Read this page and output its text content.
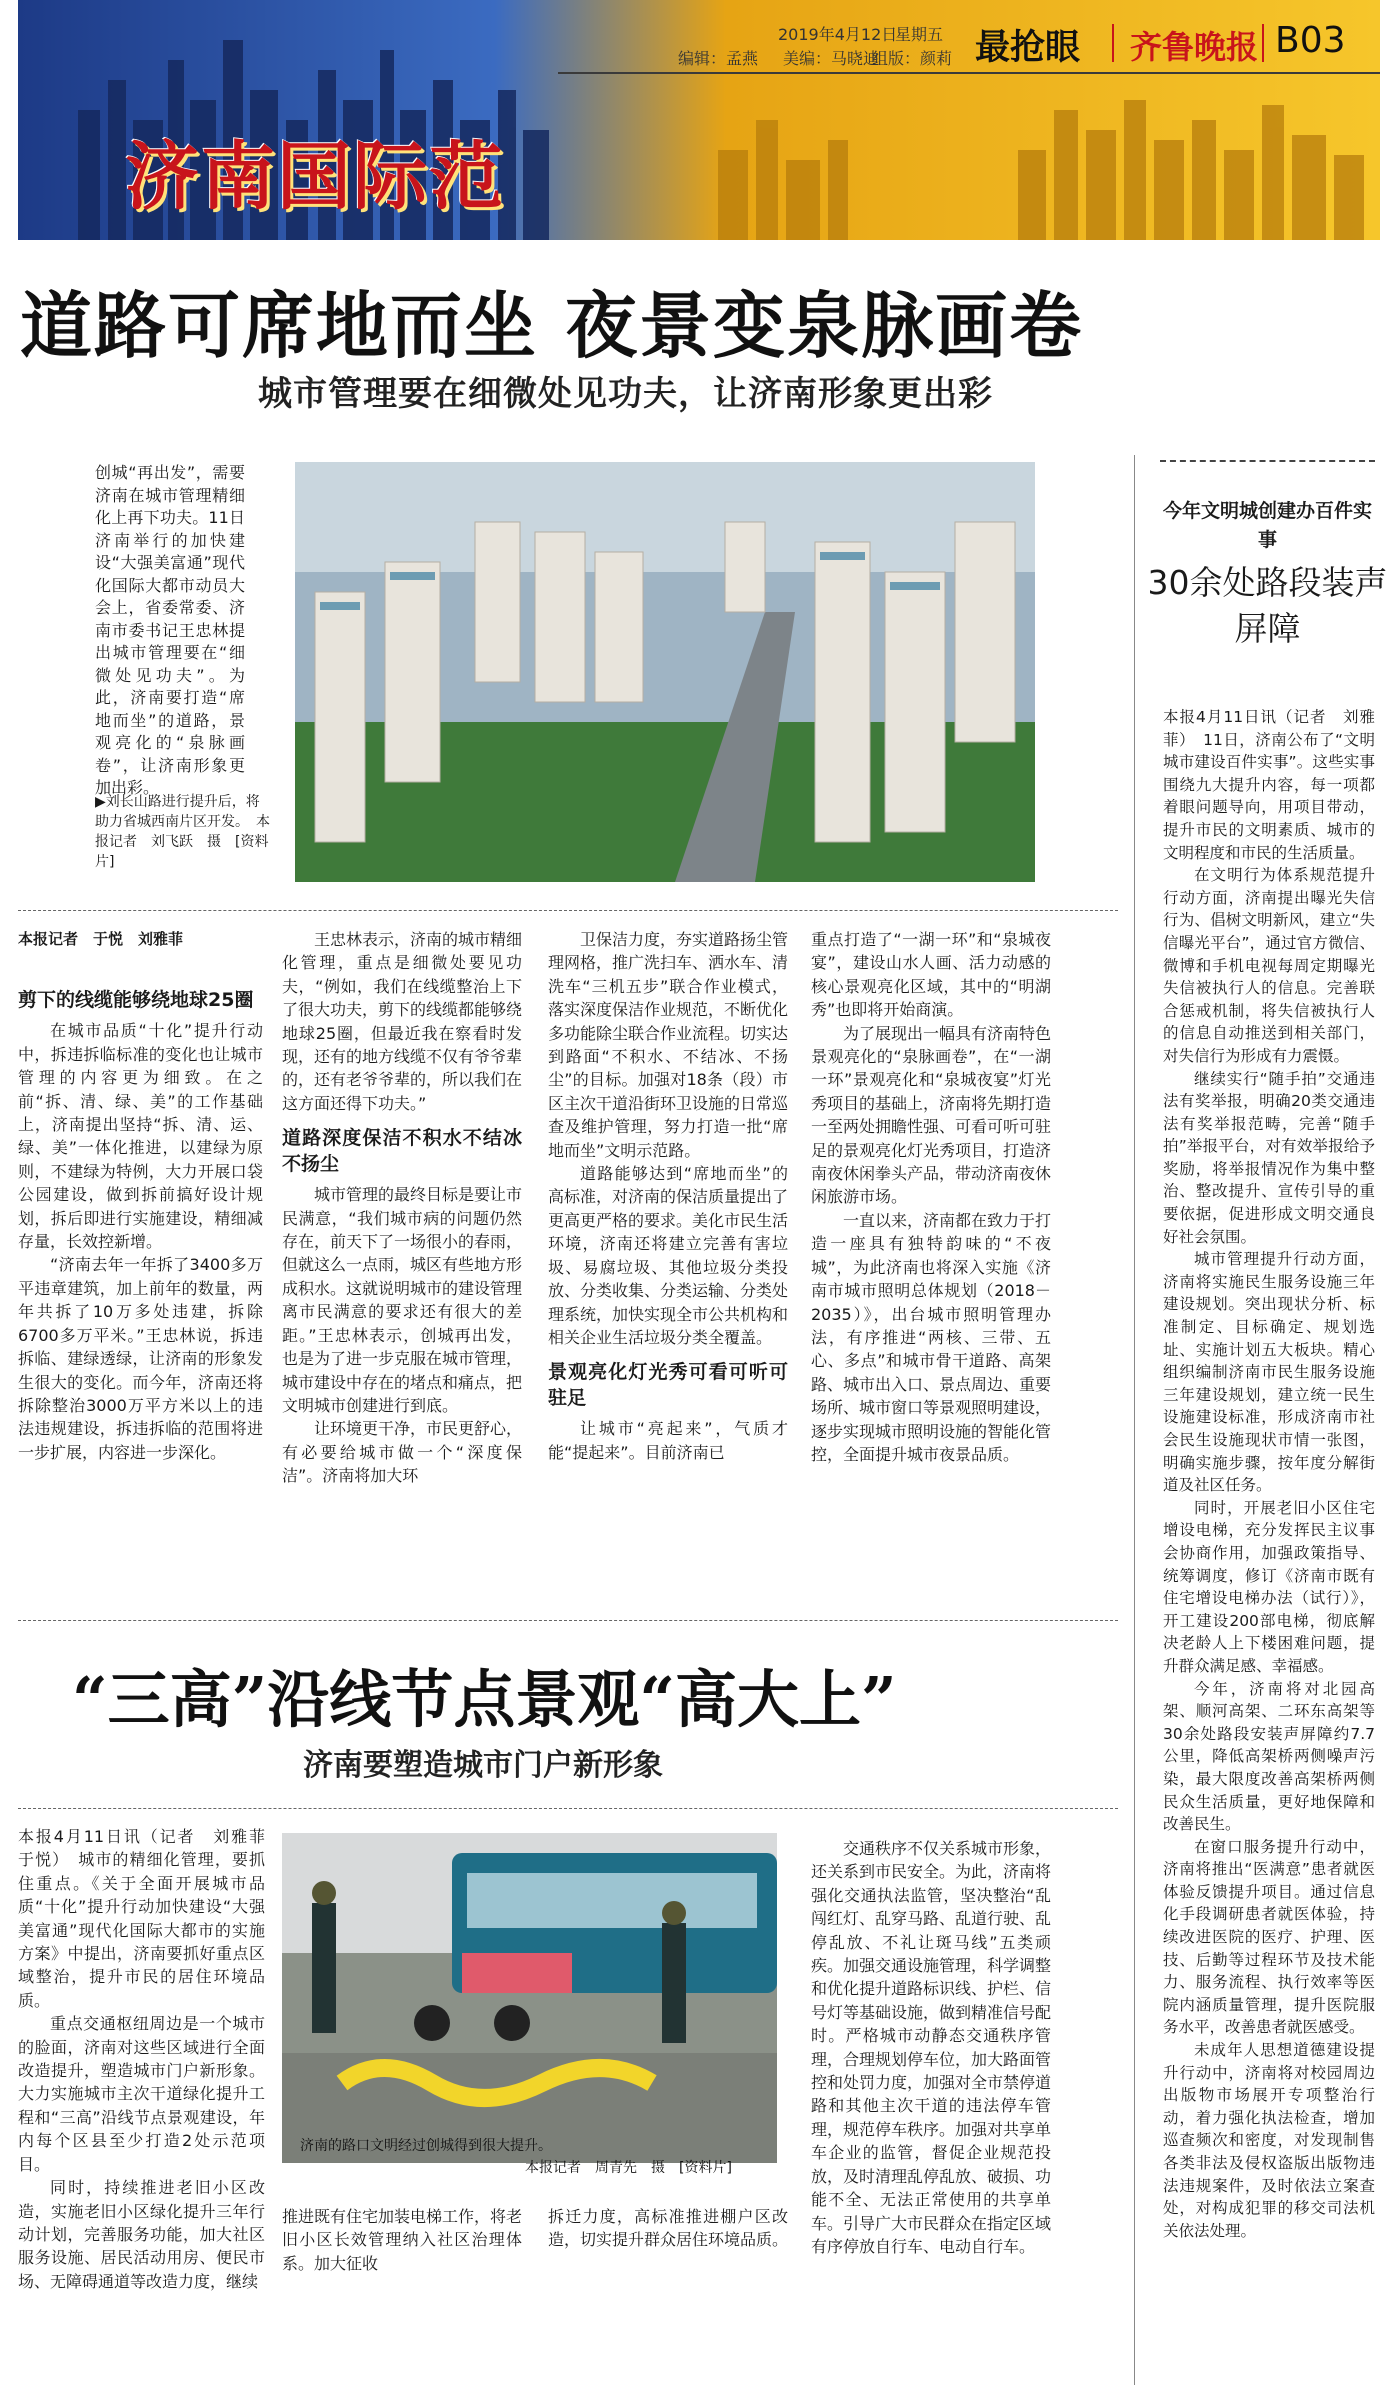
济南国际范
2019年4月12日
星期五
编辑：孟燕 美编：马晓迪
组版：颜莉 最抢眼 齐鲁晚报 B03
道路可席地而坐 夜景变泉脉画卷
城市管理要在细微处见功夫，让济南形象更出彩
创城“再出发”，需要济南在城市管理精细化上再下功夫。11日济南举行的加快建设“大强美富通”现代化国际大都市动员大会上，省委常委、济南市委书记王忠林提出城市管理要在“细微处见功夫”。为此，济南要打造“席地而坐”的道路，景观亮化的“泉脉画卷”，让济南形象更加出彩。
▶刘长山路进行提升后，将助力省城西南片区开发。　本报记者　刘飞跃　摄　[资料片]
本报记者　于悦　刘雅菲
剪下的线缆能够绕地球25圈

在城市品质“十化”提升行动中，拆违拆临标准的变化也让城市管理的内容更为细致。在之前“拆、清、绿、美”的工作基础上，济南提出坚持“拆、清、运、绿、美”一体化推进，以建绿为原则，不建绿为特例，大力开展口袋公园建设，做到拆前搞好设计规划，拆后即进行实施建设，精细减存量，长效控新增。

“济南去年一年拆了3400多万平违章建筑，加上前年的数量，两年共拆了10万多处违建，拆除6700多万平米。”王忠林说，拆违拆临、建绿透绿，让济南的形象发生很大的变化。而今年，济南还将拆除整治3000万平方米以上的违法违规建设，拆违拆临的范围将进一步扩展，内容进一步深化。

王忠林表示，济南的城市精细化管理，重点是细微处要见功夫，“例如，我们在线缆整治上下了很大功夫，剪下的线缆都能够绕地球25圈，但最近我在察看时发现，还有的地方线缆不仅有爷爷辈的，还有老爷爷辈的，所以我们在这方面还得下功夫。”

道路深度保洁不积水不结冰不扬尘

城市管理的最终目标是要让市民满意，“我们城市病的问题仍然存在，前天下了一场很小的春雨，但就这么一点雨，城区有些地方形成积水。这就说明城市的建设管理离市民满意的要求还有很大的差距。”王忠林表示，创城再出发，也是为了进一步克服在城市管理，城市建设中存在的堵点和痛点，把文明城市创建进行到底。

让环境更干净，市民更舒心，有必要给城市做一个“深度保洁”。济南将加大环

卫保洁力度，夯实道路扬尘管理网格，推广洗扫车、洒水车、清洗车“三机五步”联合作业模式，落实深度保洁作业规范，不断优化多功能除尘联合作业流程。切实达到路面“不积水、不结冰、不扬尘”的目标。加强对18条（段）市区主次干道沿街环卫设施的日常巡查及维护管理，努力打造一批“席地而坐”文明示范路。

道路能够达到“席地而坐”的高标准，对济南的保洁质量提出了更高更严格的要求。美化市民生活环境，济南还将建立完善有害垃圾、易腐垃圾、其他垃圾分类投放、分类收集、分类运输、分类处理系统，加快实现全市公共机构和相关企业生活垃圾分类全覆盖。

景观亮化灯光秀可看可听可驻足

让城市“亮起来”，气质才能“提起来”。目前济南已

重点打造了“一湖一环”和“泉城夜宴”，建设山水人画、活力动感的核心景观亮化区域，其中的“明湖秀”也即将开始商演。

为了展现出一幅具有济南特色景观亮化的“泉脉画卷”，在“一湖一环”景观亮化和“泉城夜宴”灯光秀项目的基础上，济南将先期打造一至两处拥瞻性强、可看可听可驻足的景观亮化灯光秀项目，打造济南夜休闲拳头产品，带动济南夜休闲旅游市场。

一直以来，济南都在致力于打造一座具有独特韵味的“不夜城”，为此济南也将深入实施《济南市城市照明总体规划（2018－2035）》，出台城市照明管理办法，有序推进“两核、三带、五心、多点”和城市骨干道路、高架路、城市出入口、景点周边、重要场所、城市窗口等景观照明建设，逐步实现城市照明设施的智能化管控，全面提升城市夜景品质。

今年文明城创建办百件实事
30余处路段装声屏障

本报4月11日讯（记者　刘雅菲）　11日，济南公布了“文明城市建设百件实事”。这些实事围绕九大提升内容，每一项都着眼问题导向，用项目带动，提升市民的文明素质、城市的文明程度和市民的生活质量。

在文明行为体系规范提升行动方面，济南提出曝光失信行为、倡树文明新风，建立“失信曝光平台”，通过官方微信、微博和手机电视每周定期曝光失信被执行人的信息。完善联合惩戒机制，将失信被执行人的信息自动推送到相关部门，对失信行为形成有力震慑。

继续实行“随手拍”交通违法有奖举报，明确20类交通违法有奖举报范畴，完善“随手拍”举报平台，对有效举报给予奖励，将举报情况作为集中整治、整改提升、宣传引导的重要依据，促进形成文明交通良好社会氛围。

城市管理提升行动方面，济南将实施民生服务设施三年建设规划。突出现状分析、标准制定、目标确定、规划选址、实施计划五大板块。精心组织编制济南市民生服务设施三年建设规划，建立统一民生设施建设标准，形成济南市社会民生设施现状市情一张图，明确实施步骤，按年度分解街道及社区任务。

同时，开展老旧小区住宅增设电梯，充分发挥民主议事会协商作用，加强政策指导、统筹调度，修订《济南市既有住宅增设电梯办法（试行）》，开工建设200部电梯，彻底解决老龄人上下楼困难问题，提升群众满足感、幸福感。

今年，济南将对北园高架、顺河高架、二环东高架等30余处路段安装声屏障约7.7公里，降低高架桥两侧噪声污染，最大限度改善高架桥两侧民众生活质量，更好地保障和改善民生。

在窗口服务提升行动中，济南将推出“医满意”患者就医体验反馈提升项目。通过信息化手段调研患者就医体验，持续改进医院的医疗、护理、医技、后勤等过程环节及技术能力、服务流程、执行效率等医院内涵质量管理，提升医院服务水平，改善患者就医感受。

未成年人思想道德建设提升行动中，济南将对校园周边出版物市场展开专项整治行动，着力强化执法检查，增加巡查频次和密度，对发现制售各类非法及侵权盗版出版物违法违规案件，及时依法立案查处，对构成犯罪的移交司法机关依法处理。

“三高”沿线节点景观“高大上”
济南要塑造城市门户新形象

本报4月11日讯（记者　刘雅菲　于悦）　城市的精细化管理，要抓住重点。《关于全面开展城市品质“十化”提升行动加快建设“大强美富通”现代化国际大都市的实施方案》中提出，济南要抓好重点区域整治，提升市民的居住环境品质。

重点交通枢纽周边是一个城市的脸面，济南对这些区域进行全面改造提升，塑造城市门户新形象。大力实施城市主次干道绿化提升工程和“三高”沿线节点景观建设，年内每个区县至少打造2处示范项目。

同时，持续推进老旧小区改造，实施老旧小区绿化提升三年行动计划，完善服务功能，加大社区服务设施、居民活动用房、便民市场、无障碍通道等改造力度，继续

济南的路口文明经过创城得到很大提升。
本报记者　周青先　摄　[资料片]

推进既有住宅加装电梯工作，将老旧小区长效管理纳入社区治理体系。加大征收

拆迁力度，高标准推进棚户区改造，切实提升群众居住环境品质。

交通秩序不仅关系城市形象，还关系到市民安全。为此，济南将强化交通执法监管，坚决整治“乱闯红灯、乱穿马路、乱道行驶、乱停乱放、不礼让斑马线”五类顽疾。加强交通设施管理，科学调整和优化提升道路标识线、护栏、信号灯等基础设施，做到精准信号配时。严格城市动静态交通秩序管理，合理规划停车位，加大路面管控和处罚力度，加强对全市禁停道路和其他主次干道的违法停车管理，规范停车秩序。加强对共享单车企业的监管，督促企业规范投放，及时清理乱停乱放、破损、功能不全、无法正常使用的共享单车。引导广大市民群众在指定区域有序停放自行车、电动自行车。
